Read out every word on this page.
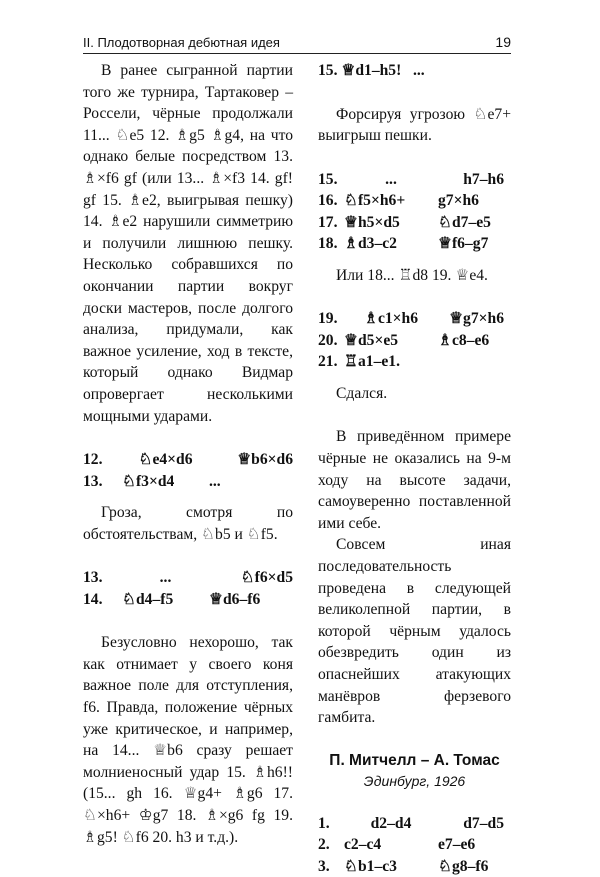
II. Плодотворная дебютная идея	19

В ранее сыгранной партии того же турнира, Тартаковер – Россели, чёрные продолжали 11... ♘e5 12. ♗g5 ♗g4, на что однако белые посредством 13. ♗×f6 gf (или 13... ♗×f3 14. gf! gf 15. ♗e2, выигрывая пешку) 14. ♗e2 нарушили симметрию и получили лишнюю пешку. Несколько собравшихся по окончании партии вокруг доски мастеров, после долгого анализа, придумали, как важное усиление, ход в тексте, который однако Видмар опровергает несколькими мощными ударами.

12.	♘e4×d6	♕b6×d6
13.	♘f3×d4	...

Гроза, смотря по обстоятельствам, ♘b5 и ♘f5.

13.	...	♘f6×d5
14.	♘d4–f5	♕d6–f6

Безусловно нехорошо, так как отнимает у своего коня важное поле для отступления, f6. Правда, положение чёрных уже критическое, и например, на 14... ♕b6 сразу решает молниеносный удар 15. ♗h6!! (15... gh 16. ♕g4+ ♗g6 17. ♘×h6+ ♔g7 18. ♗×g6 fg 19. ♗g5! ♘f6 20. h3 и т.д.).

15. ♕d1–h5!   ...

Форсируя угрозою ♘e7+ выигрыш пешки.

15.	...	h7–h6
16. ♘f5×h6+	g7×h6
17. ♕h5×d5	♘d7–e5
18. ♗d3–c2	♕f6–g7

Или 18... ♖d8 19. ♕e4.

19.	♗c1×h6	♕g7×h6
20. ♕d5×e5	♗c8–e6
21. ♖a1–e1.

Сдался.

В приведённом примере чёрные не оказались на 9-м ходу на высоте задачи, самоуверенно поставленной ими себе.

Совсем иная последовательность проведена в следующей великолепной партии, в которой чёрным удалось обезвредить один из опаснейших атакующих манёвров ферзевого гамбита.

П. Митчелл – А. Томас
Эдинбург, 1926
1.	d2–d4	d7–d5
2. c2–c4	e7–e6
3. ♘b1–c3	♘g8–f6
